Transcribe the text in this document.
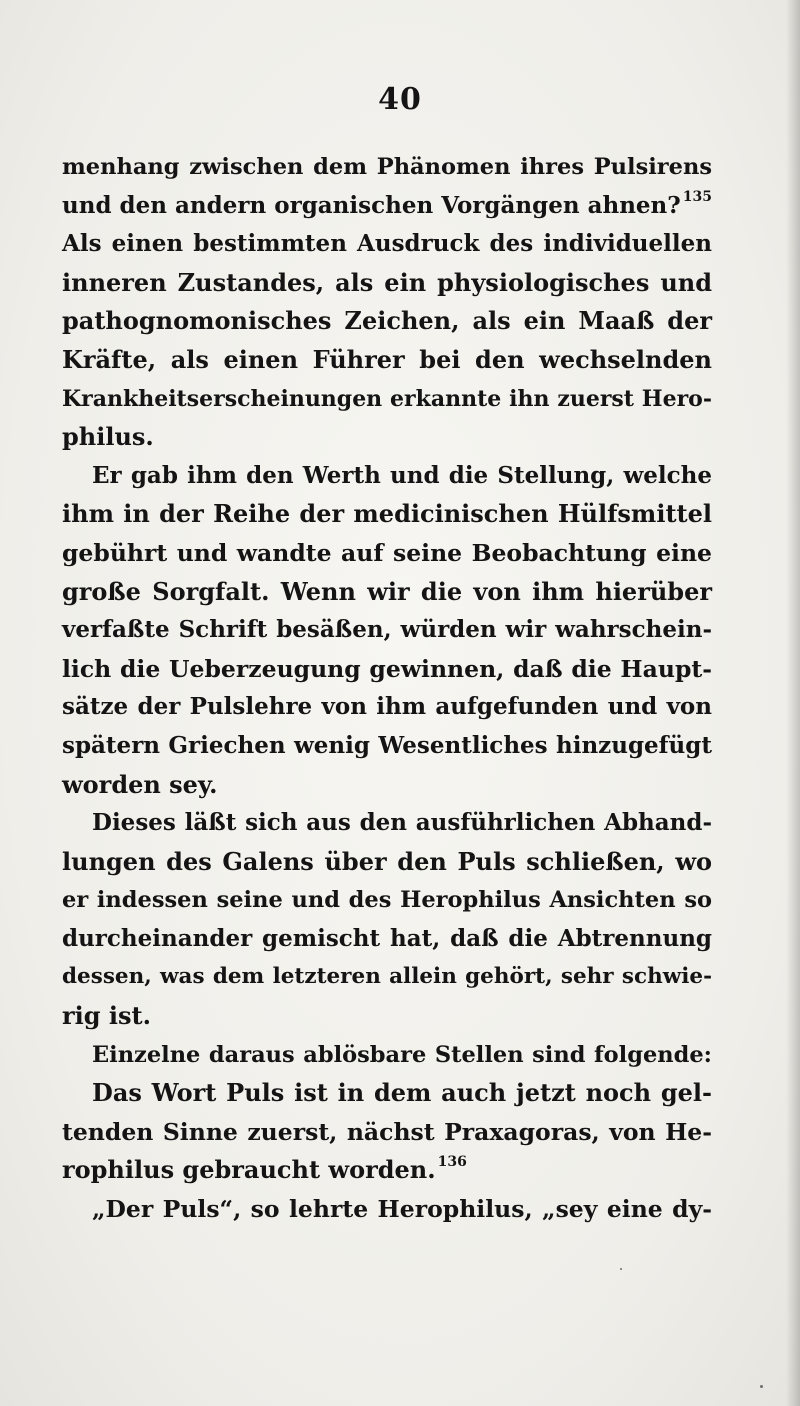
40
menhang zwischen dem Phänomen ihres Pulsirens
und den andern organischen Vorgängen ahnen? $^{135}$
Als einen bestimmten Ausdruck des individuellen
inneren Zustandes, als ein physiologisches und
pathognomonisches Zeichen, als ein Maaß der
Kräfte, als einen Führer bei den wechselnden
Krankheitserscheinungen erkannte ihn zuerst Hero-
philus.
Er gab ihm den Werth und die Stellung, welche
ihm in der Reihe der medicinischen Hülfsmittel
gebührt und wandte auf seine Beobachtung eine
große Sorgfalt. Wenn wir die von ihm hierüber
verfaßte Schrift besäßen, würden wir wahrschein-
lich die Ueberzeugung gewinnen, daß die Haupt-
sätze der Pulslehre von ihm aufgefunden und von
spätern Griechen wenig Wesentliches hinzugefügt
worden sey.
Dieses läßt sich aus den ausführlichen Abhand-
lungen des Galens über den Puls schließen, wo
er indessen seine und des Herophilus Ansichten so
durcheinander gemischt hat, daß die Abtrennung
dessen, was dem letzteren allein gehört, sehr schwie-
rig ist.
Einzelne daraus ablösbare Stellen sind folgende:
Das Wort Puls ist in dem auch jetzt noch gel-
tenden Sinne zuerst, nächst Praxagoras, von He-
rophilus gebraucht worden. $^{136}$
„Der Puls“, so lehrte Herophilus, „sey eine dy-
